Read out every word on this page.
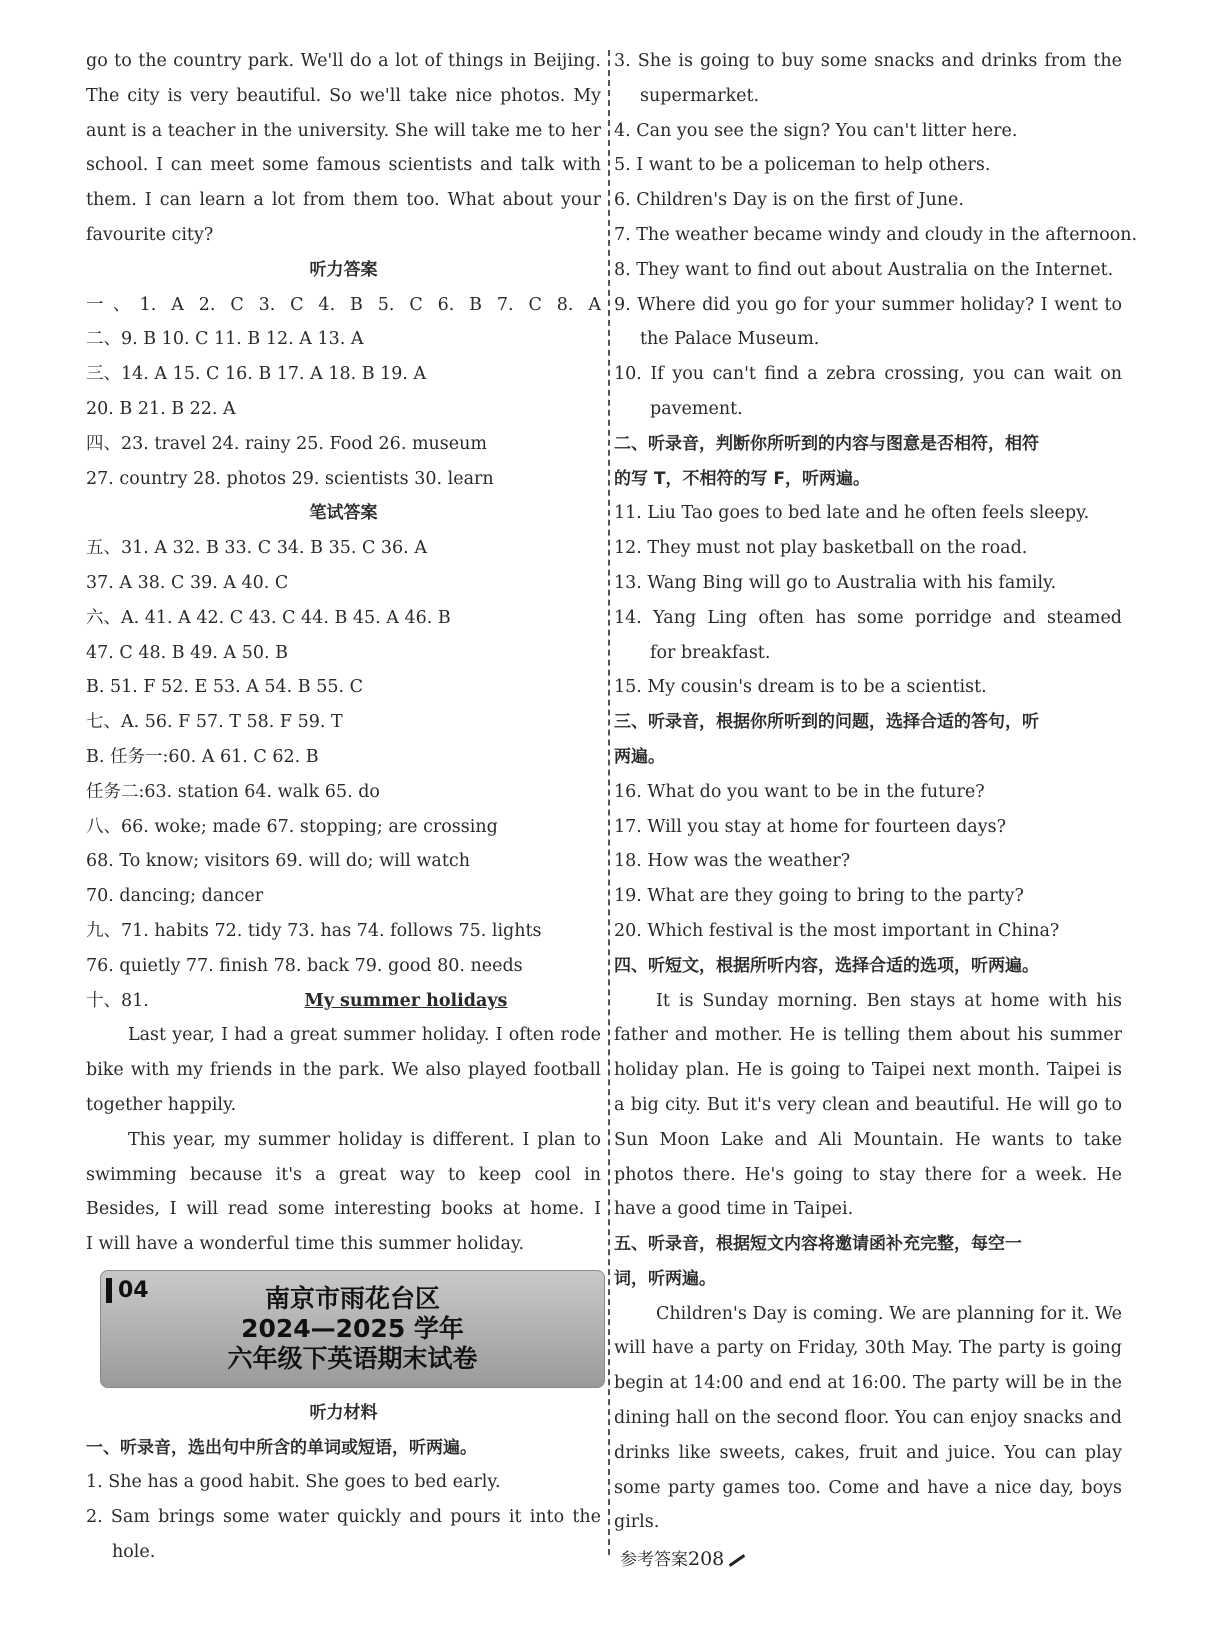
go to the country park. We'll do a lot of things in Beijing.
The city is very beautiful. So we'll take nice photos. My
aunt is a teacher in the university. She will take me to her
school. I can meet some famous scientists and talk with
them. I can learn a lot from them too. What about your
favourite city?
听力答案
一、1. A 2. C 3. C 4. B 5. C 6. B 7. C 8. A
二、9. B 10. C 11. B 12. A 13. A
三、14. A 15. C 16. B 17. A 18. B 19. A
20. B 21. B 22. A
四、23. travel 24. rainy 25. Food 26. museum
27. country 28. photos 29. scientists 30. learn
笔试答案
五、31. A 32. B 33. C 34. B 35. C 36. A
37. A 38. C 39. A 40. C
六、A. 41. A 42. C 43. C 44. B 45. A 46. B
47. C 48. B 49. A 50. B
B. 51. F 52. E 53. A 54. B 55. C
七、A. 56. F 57. T 58. F 59. T
B. 任务一:60. A 61. C 62. B
任务二:63. station 64. walk 65. do
八、66. woke; made 67. stopping; are crossing
68. To know; visitors 69. will do; will watch
70. dancing; dancer
九、71. habits 72. tidy 73. has 74. follows 75. lights
76. quietly 77. finish 78. back 79. good 80. needs
十、81.	My summer holidays
Last year, I had a great summer holiday. I often rode
bike with my friends in the park. We also played football
together happily.
This year, my summer holiday is different. I plan to
swimming because it's a great way to keep cool in
Besides, I will read some interesting books at home. I
I will have a wonderful time this summer holiday.
04	南京市雨花台区
2024—2025 学年
六年级下英语期末试卷
听力材料
一、听录音，选出句中所含的单词或短语，听两遍。
1. She has a good habit. She goes to bed early.
2. Sam brings some water quickly and pours it into the
hole.
3. She is going to buy some snacks and drinks from the
supermarket.
4. Can you see the sign? You can't litter here.
5. I want to be a policeman to help others.
6. Children's Day is on the first of June.
7. The weather became windy and cloudy in the afternoon.
8. They want to find out about Australia on the Internet.
9. Where did you go for your summer holiday? I went to
the Palace Museum.
10. If you can't find a zebra crossing, you can wait on
pavement.
二、听录音，判断你所听到的内容与图意是否相符，相符
的写 T，不相符的写 F，听两遍。
11. Liu Tao goes to bed late and he often feels sleepy.
12. They must not play basketball on the road.
13. Wang Bing will go to Australia with his family.
14. Yang Ling often has some porridge and steamed
for breakfast.
15. My cousin's dream is to be a scientist.
三、听录音，根据你所听到的问题，选择合适的答句，听
两遍。
16. What do you want to be in the future?
17. Will you stay at home for fourteen days?
18. How was the weather?
19. What are they going to bring to the party?
20. Which festival is the most important in China?
四、听短文，根据所听内容，选择合适的选项，听两遍。
It is Sunday morning. Ben stays at home with his
father and mother. He is telling them about his summer
holiday plan. He is going to Taipei next month. Taipei is
a big city. But it's very clean and beautiful. He will go to
Sun Moon Lake and Ali Mountain. He wants to take
photos there. He's going to stay there for a week. He
have a good time in Taipei.
五、听录音，根据短文内容将邀请函补充完整，每空一
词，听两遍。
Children's Day is coming. We are planning for it. We
will have a party on Friday, 30th May. The party is going
begin at 14:00 and end at 16:00. The party will be in the
dining hall on the second floor. You can enjoy snacks and
drinks like sweets, cakes, fruit and juice. You can play
some party games too. Come and have a nice day, boys
girls.
参考答案208
